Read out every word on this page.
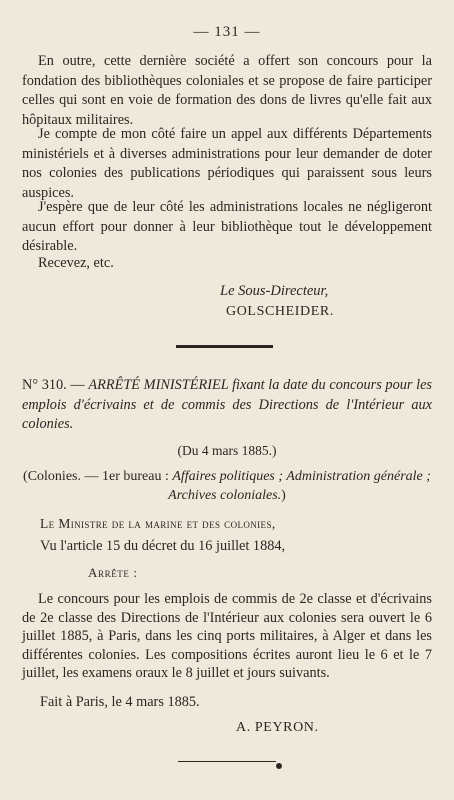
— 131 —
En outre, cette dernière société a offert son concours pour la fondation des bibliothèques coloniales et se propose de faire participer celles qui sont en voie de formation des dons de livres qu'elle fait aux hôpitaux militaires.
Je compte de mon côté faire un appel aux différents Départements ministériels et à diverses administrations pour leur demander de doter nos colonies des publications périodiques qui paraissent sous leurs auspices.
J'espère que de leur côté les administrations locales ne négligeront aucun effort pour donner à leur bibliothèque tout le développement désirable.
Recevez, etc.
Le Sous-Directeur,
GOLSCHEIDER.
N° 310. — ARRÊTÉ MINISTÉRIEL fixant la date du concours pour les emplois d'écrivains et de commis des Directions de l'Intérieur aux colonies.
(Du 4 mars 1885.)
(Colonies. — 1er bureau : Affaires politiques ; Administration générale ; Archives coloniales.)
Le Ministre de la marine et des colonies,
Vu l'article 15 du décret du 16 juillet 1884,
Arrête :
Le concours pour les emplois de commis de 2e classe et d'écrivains de 2e classe des Directions de l'Intérieur aux colonies sera ouvert le 6 juillet 1885, à Paris, dans les cinq ports militaires, à Alger et dans les différentes colonies. Les compositions écrites auront lieu le 6 et le 7 juillet, les examens oraux le 8 juillet et jours suivants.
Fait à Paris, le 4 mars 1885.
A. PEYRON.
